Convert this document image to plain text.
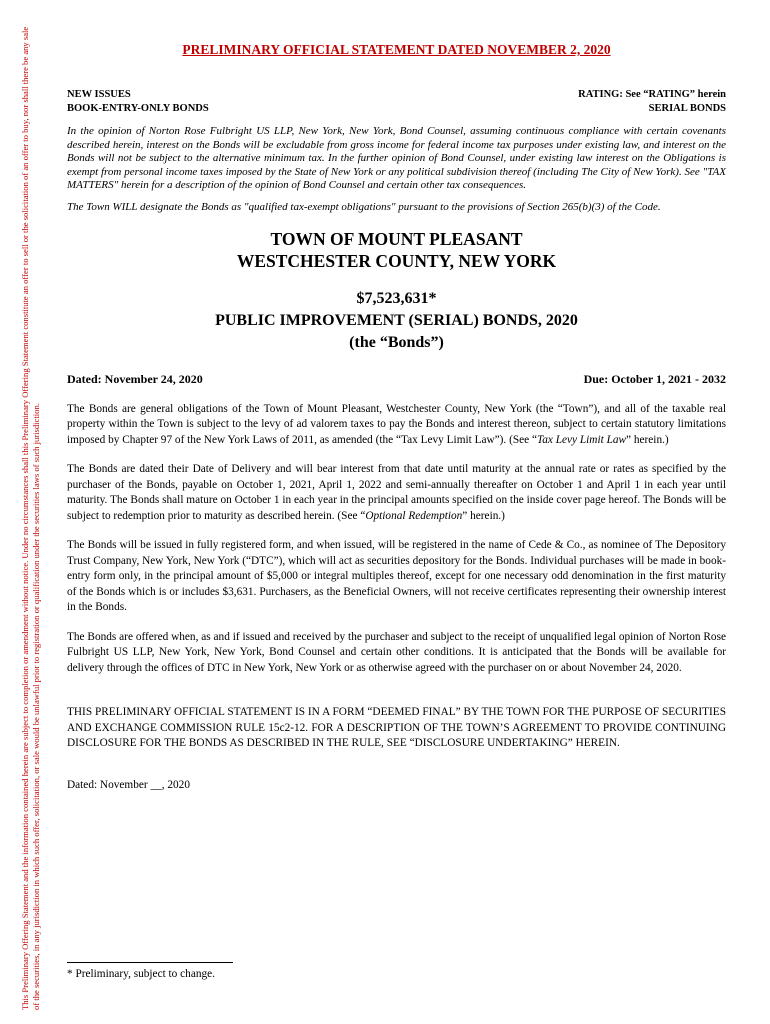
This Preliminary Offering Statement and the information contained herein are subject to completion or amendment without notice. Under no circumstances shall this Preliminary Offering Statement constitute an offer to sell or the solicitation of an offer to buy, nor shall there be any sale of the securities, in any jurisdiction in which such offer, solicitation, or sale would be unlawful prior to registration or qualification under the securities laws of such jurisdiction.

PRELIMINARY OFFICIAL STATEMENT DATED NOVEMBER 2, 2020

NEW ISSUES
BOOK-ENTRY-ONLY BONDS
RATING: See “RATING” herein
SERIAL BONDS

In the opinion of Norton Rose Fulbright US LLP, New York, New York, Bond Counsel, assuming continuous compliance with certain covenants described herein, interest on the Bonds will be excludable from gross income for federal income tax purposes under existing law, and interest on the Bonds will not be subject to the alternative minimum tax. In the further opinion of Bond Counsel, under existing law interest on the Obligations is exempt from personal income taxes imposed by the State of New York or any political subdivision thereof (including The City of New York). See "TAX MATTERS" herein for a description of the opinion of Bond Counsel and certain other tax consequences.

The Town WILL designate the Bonds as "qualified tax-exempt obligations" pursuant to the provisions of Section 265(b)(3) of the Code.

TOWN OF MOUNT PLEASANT
WESTCHESTER COUNTY, NEW YORK
$7,523,631*
PUBLIC IMPROVEMENT (SERIAL) BONDS, 2020
(the “Bonds”)
Dated: November 24, 2020	Due: October 1, 2021 - 2032

The Bonds are general obligations of the Town of Mount Pleasant, Westchester County, New York (the “Town”), and all of the taxable real property within the Town is subject to the levy of ad valorem taxes to pay the Bonds and interest thereon, subject to certain statutory limitations imposed by Chapter 97 of the New York Laws of 2011, as amended (the “Tax Levy Limit Law”). (See “Tax Levy Limit Law” herein.)

The Bonds are dated their Date of Delivery and will bear interest from that date until maturity at the annual rate or rates as specified by the purchaser of the Bonds, payable on October 1, 2021, April 1, 2022 and semi-annually thereafter on October 1 and April 1 in each year until maturity. The Bonds shall mature on October 1 in each year in the principal amounts specified on the inside cover page hereof. The Bonds will be subject to redemption prior to maturity as described herein. (See “Optional Redemption” herein.)

The Bonds will be issued in fully registered form, and when issued, will be registered in the name of Cede & Co., as nominee of The Depository Trust Company, New York, New York (“DTC”), which will act as securities depository for the Bonds. Individual purchases will be made in book-entry form only, in the principal amount of $5,000 or integral multiples thereof, except for one necessary odd denomination in the first maturity of the Bonds which is or includes $3,631. Purchasers, as the Beneficial Owners, will not receive certificates representing their ownership interest in the Bonds.

The Bonds are offered when, as and if issued and received by the purchaser and subject to the receipt of unqualified legal opinion of Norton Rose Fulbright US LLP, New York, New York, Bond Counsel and certain other conditions. It is anticipated that the Bonds will be available for delivery through the offices of DTC in New York, New York or as otherwise agreed with the purchaser on or about November 24, 2020.

THIS PRELIMINARY OFFICIAL STATEMENT IS IN A FORM “DEEMED FINAL” BY THE TOWN FOR THE PURPOSE OF SECURITIES AND EXCHANGE COMMISSION RULE 15c2-12. FOR A DESCRIPTION OF THE TOWN’S AGREEMENT TO PROVIDE CONTINUING DISCLOSURE FOR THE BONDS AS DESCRIBED IN THE RULE, SEE “DISCLOSURE UNDERTAKING” HEREIN.

Dated: November __, 2020
* Preliminary, subject to change.
